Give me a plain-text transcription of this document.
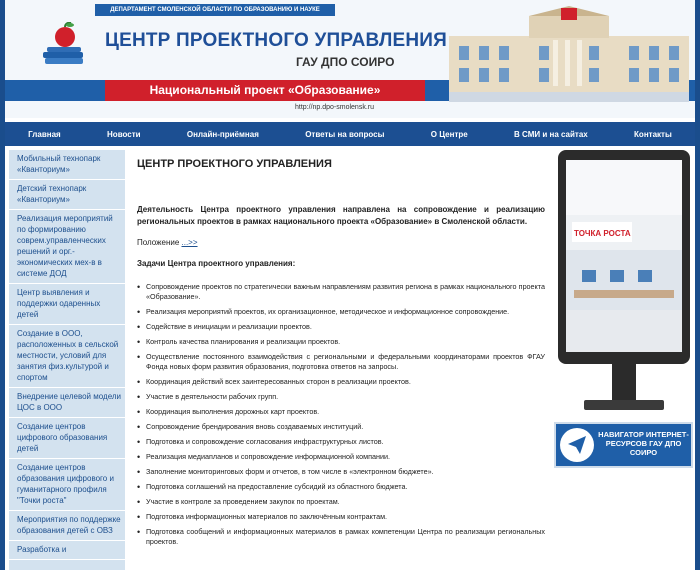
ДЕПАРТАМЕНТ СМОЛЕНСКОЙ ОБЛАСТИ ПО ОБРАЗОВАНИЮ И НАУКЕ
ЦЕНТР ПРОЕКТНОГО УПРАВЛЕНИЯ
ГАУ ДПО СОИРО
Национальный проект «Образование»
http://np.dpo-smolensk.ru
Главная	Новости	Онлайн-приёмная	Ответы на вопросы	О Центре	В СМИ и на сайтах	Контакты
Мобильный технопарк «Кванториум»
Детский технопарк «Кванториум»
Реализация мероприятий по формированию соврем.управленческих решений и орг.-экономических мех-в в системе ДОД
Центр выявления и поддержки одаренных детей
Создание в ООО, расположенных в сельской местности, условий для занятия физ.культурой и спортом
Внедрение целевой модели ЦОС в ООО
Создание центров цифрового образования детей
Создание центров образования цифрового и гуманитарного профиля "Точки роста"
Мероприятия по поддержке образования детей с ОВЗ
Разработка и
ЦЕНТР ПРОЕКТНОГО УПРАВЛЕНИЯ

Деятельность Центра проектного управления направлена на сопровождение и реализацию региональных проектов в рамках национального проекта «Образование» в Смоленской области.

Положение ...>>

Задачи Центра проектного управления:

• Сопровождение проектов по стратегически важным направлениям развития региона в рамках национального проекта «Образование».
• Реализация мероприятий проектов, их организационное, методическое и информационное сопровождение.
• Содействие в инициации и реализации проектов.
• Контроль качества планирования и реализации проектов.
• Осуществление постоянного взаимодействия с региональными и федеральными координаторами проектов ФГАУ Фонда новых форм развития образования, подготовка ответов на запросы.
• Координация действий всех заинтересованных сторон в реализации проектов.
• Участие в деятельности рабочих групп.
• Координация выполнения дорожных карт проектов.
• Сопровождение брендирования вновь создаваемых институций.
• Подготовка и сопровождение согласования инфраструктурных листов.
• Реализация медиапланов и сопровождение информационной компании.
• Заполнение мониторинговых форм и отчетов, в том числе в «электронном бюджете».
• Подготовка соглашений на предоставление субсидий из областного бюджета.
• Участие в контроле за проведением закупок по проектам.
• Подготовка информационных материалов по заключённым контрактам.
• Подготовка сообщений и информационных материалов в рамках компетенции Центра по реализации региональных проектов.
ТОЧКА РОСТА
НАВИГАТОР ИНТЕРНЕТ-РЕСУРСОВ ГАУ ДПО СОИРО
